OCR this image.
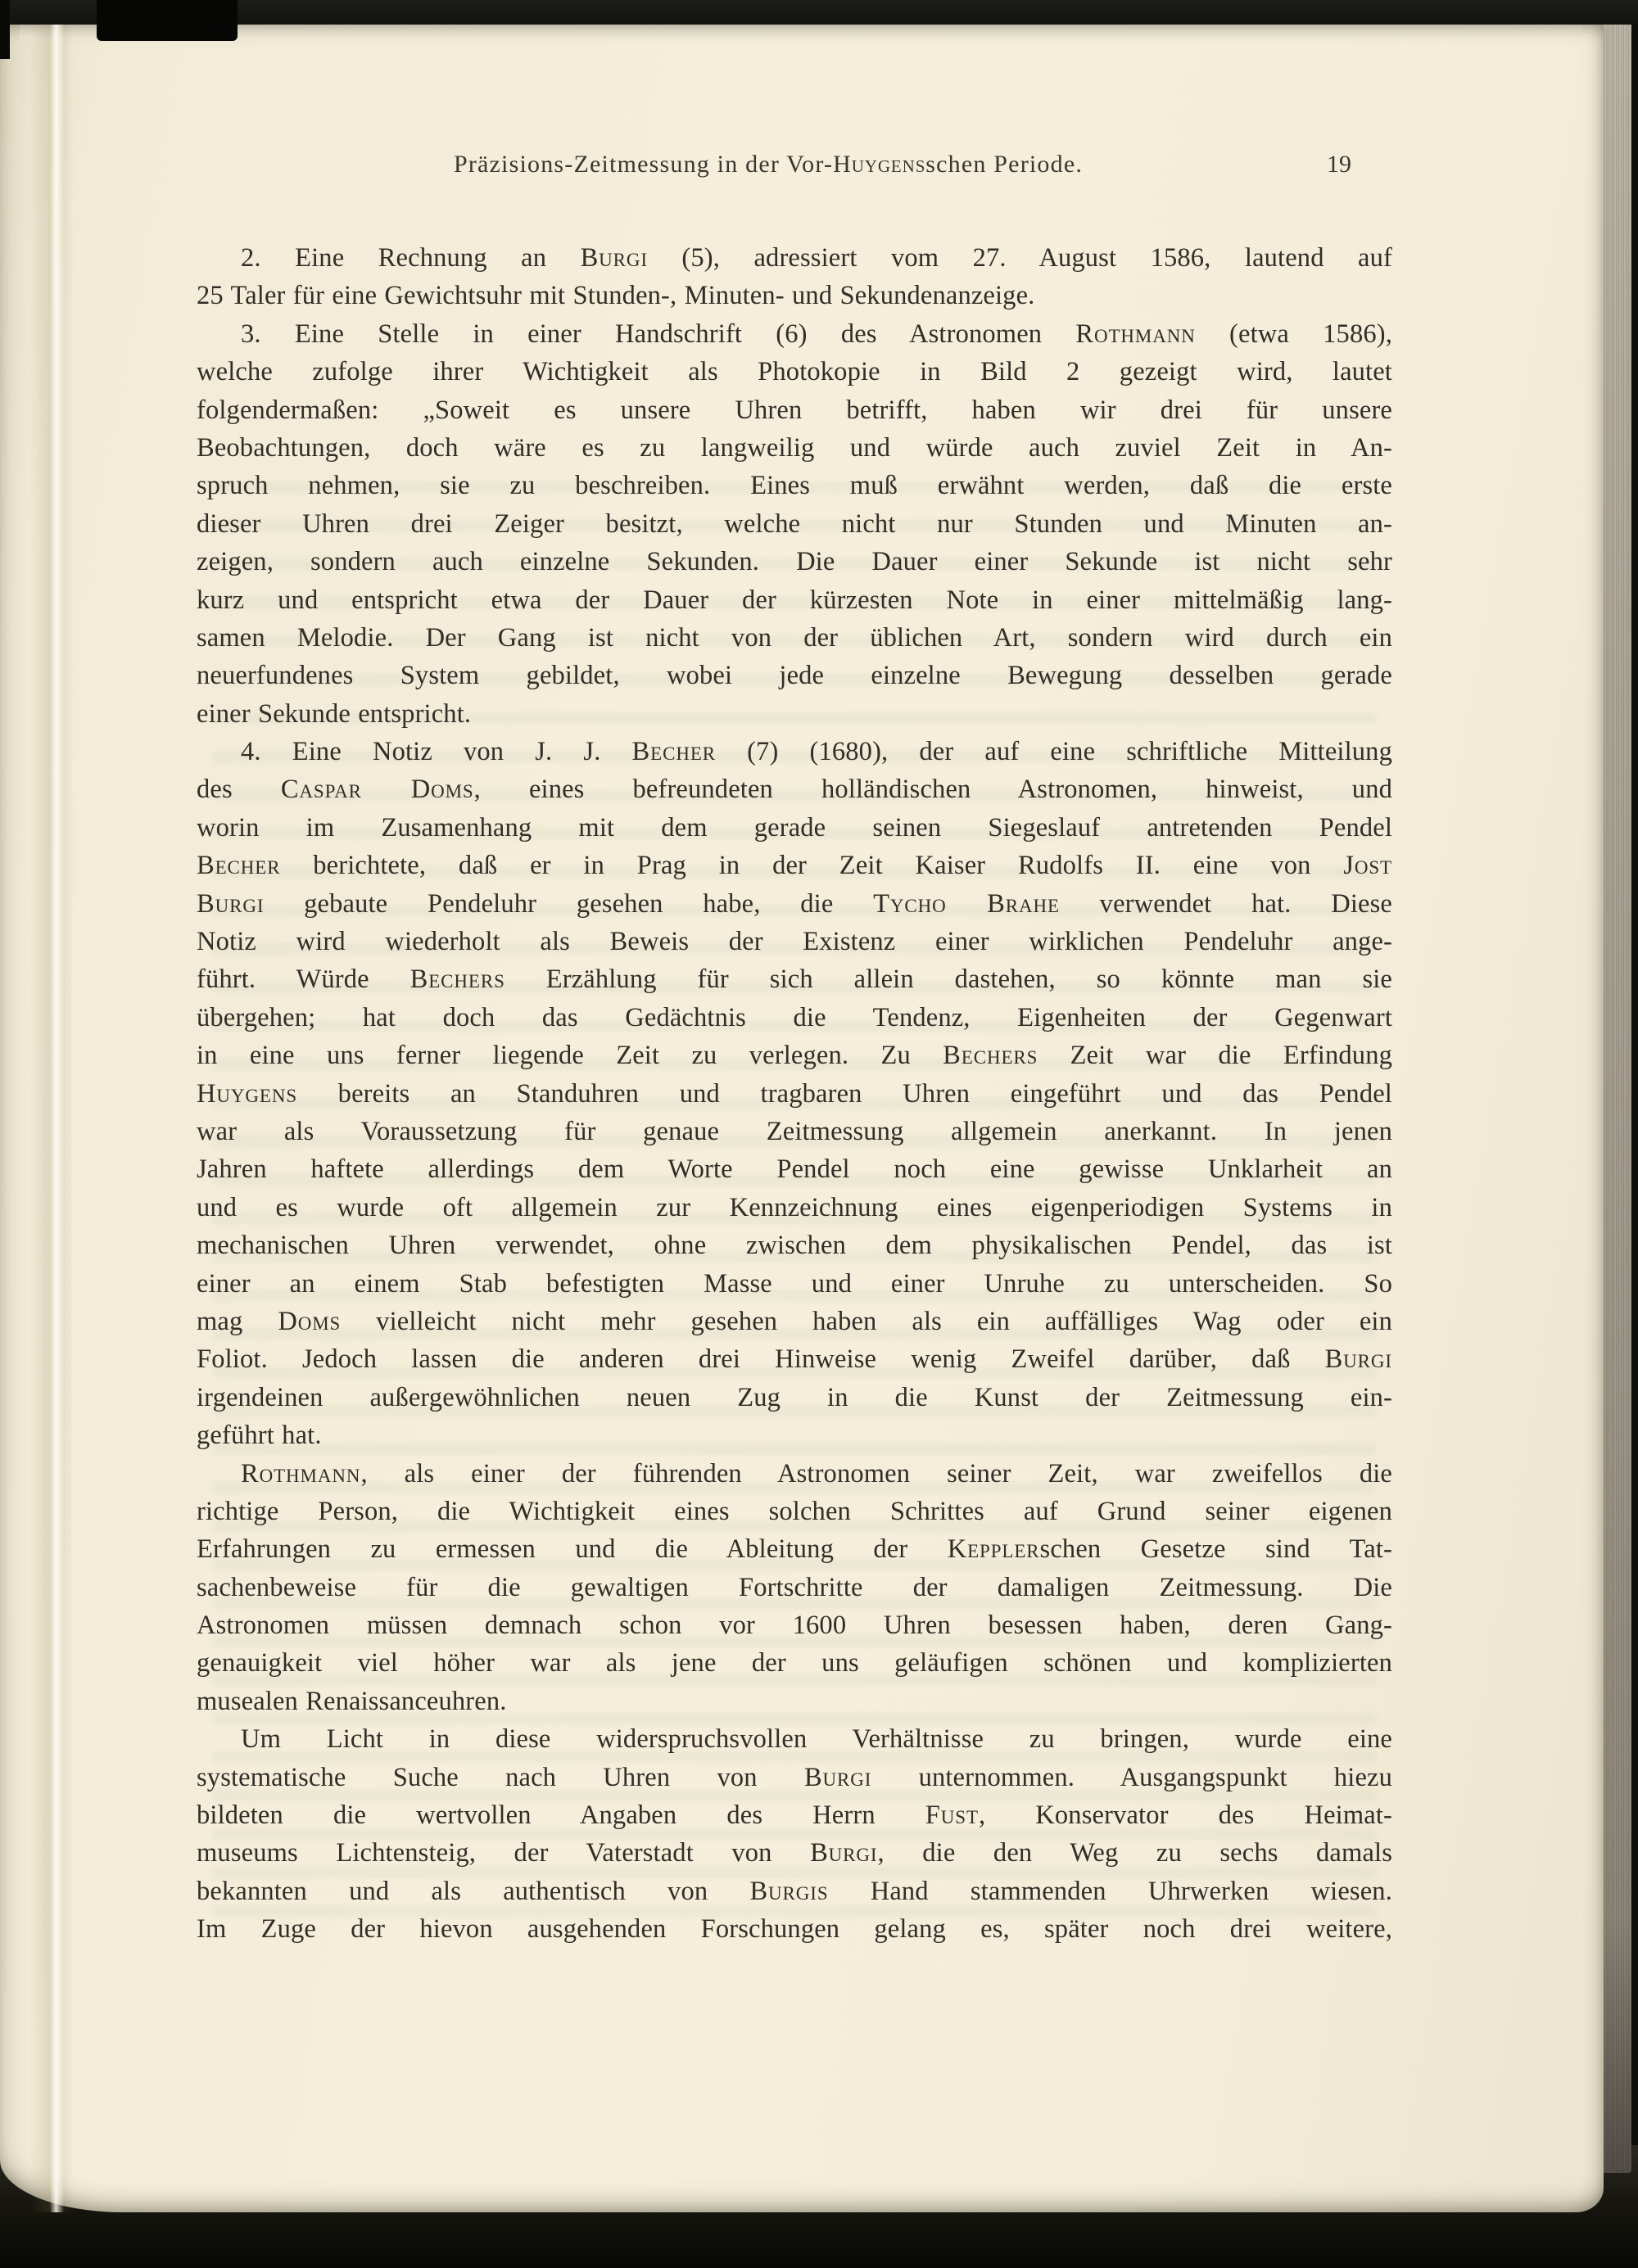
Präzisions-Zeitmessung in der Vor-Huygensschen Periode.	19
2. Eine Rechnung an Burgi (5), adressiert vom 27. August 1586, lautend auf
25 Taler für eine Gewichtsuhr mit Stunden-, Minuten- und Sekundenanzeige.
3. Eine Stelle in einer Handschrift (6) des Astronomen Rothmann (etwa 1586),
welche zufolge ihrer Wichtigkeit als Photokopie in Bild 2 gezeigt wird, lautet
folgendermaßen: „Soweit es unsere Uhren betrifft, haben wir drei für unsere
Beobachtungen, doch wäre es zu langweilig und würde auch zuviel Zeit in An-
spruch nehmen, sie zu beschreiben. Eines muß erwähnt werden, daß die erste
dieser Uhren drei Zeiger besitzt, welche nicht nur Stunden und Minuten an-
zeigen, sondern auch einzelne Sekunden. Die Dauer einer Sekunde ist nicht sehr
kurz und entspricht etwa der Dauer der kürzesten Note in einer mittelmäßig lang-
samen Melodie. Der Gang ist nicht von der üblichen Art, sondern wird durch ein
neuerfundenes System gebildet, wobei jede einzelne Bewegung desselben gerade
einer Sekunde entspricht.
4. Eine Notiz von J. J. Becher (7) (1680), der auf eine schriftliche Mitteilung
des Caspar Doms, eines befreundeten holländischen Astronomen, hinweist, und
worin im Zusamenhang mit dem gerade seinen Siegeslauf antretenden Pendel
Becher berichtete, daß er in Prag in der Zeit Kaiser Rudolfs II. eine von Jost
Burgi gebaute Pendeluhr gesehen habe, die Tycho Brahe verwendet hat. Diese
Notiz wird wiederholt als Beweis der Existenz einer wirklichen Pendeluhr ange-
führt. Würde Bechers Erzählung für sich allein dastehen, so könnte man sie
übergehen; hat doch das Gedächtnis die Tendenz, Eigenheiten der Gegenwart
in eine uns ferner liegende Zeit zu verlegen. Zu Bechers Zeit war die Erfindung
Huygens bereits an Standuhren und tragbaren Uhren eingeführt und das Pendel
war als Voraussetzung für genaue Zeitmessung allgemein anerkannt. In jenen
Jahren haftete allerdings dem Worte Pendel noch eine gewisse Unklarheit an
und es wurde oft allgemein zur Kennzeichnung eines eigenperiodigen Systems in
mechanischen Uhren verwendet, ohne zwischen dem physikalischen Pendel, das ist
einer an einem Stab befestigten Masse und einer Unruhe zu unterscheiden. So
mag Doms vielleicht nicht mehr gesehen haben als ein auffälliges Wag oder ein
Foliot. Jedoch lassen die anderen drei Hinweise wenig Zweifel darüber, daß Burgi
irgendeinen außergewöhnlichen neuen Zug in die Kunst der Zeitmessung ein-
geführt hat.
Rothmann, als einer der führenden Astronomen seiner Zeit, war zweifellos die
richtige Person, die Wichtigkeit eines solchen Schrittes auf Grund seiner eigenen
Erfahrungen zu ermessen und die Ableitung der Kepplerschen Gesetze sind Tat-
sachenbeweise für die gewaltigen Fortschritte der damaligen Zeitmessung. Die
Astronomen müssen demnach schon vor 1600 Uhren besessen haben, deren Gang-
genauigkeit viel höher war als jene der uns geläufigen schönen und komplizierten
musealen Renaissanceuhren.
Um Licht in diese widerspruchsvollen Verhältnisse zu bringen, wurde eine
systematische Suche nach Uhren von Burgi unternommen. Ausgangspunkt hiezu
bildeten die wertvollen Angaben des Herrn Fust, Konservator des Heimat-
museums Lichtensteig, der Vaterstadt von Burgi, die den Weg zu sechs damals
bekannten und als authentisch von Burgis Hand stammenden Uhrwerken wiesen.
Im Zuge der hievon ausgehenden Forschungen gelang es, später noch drei weitere,
